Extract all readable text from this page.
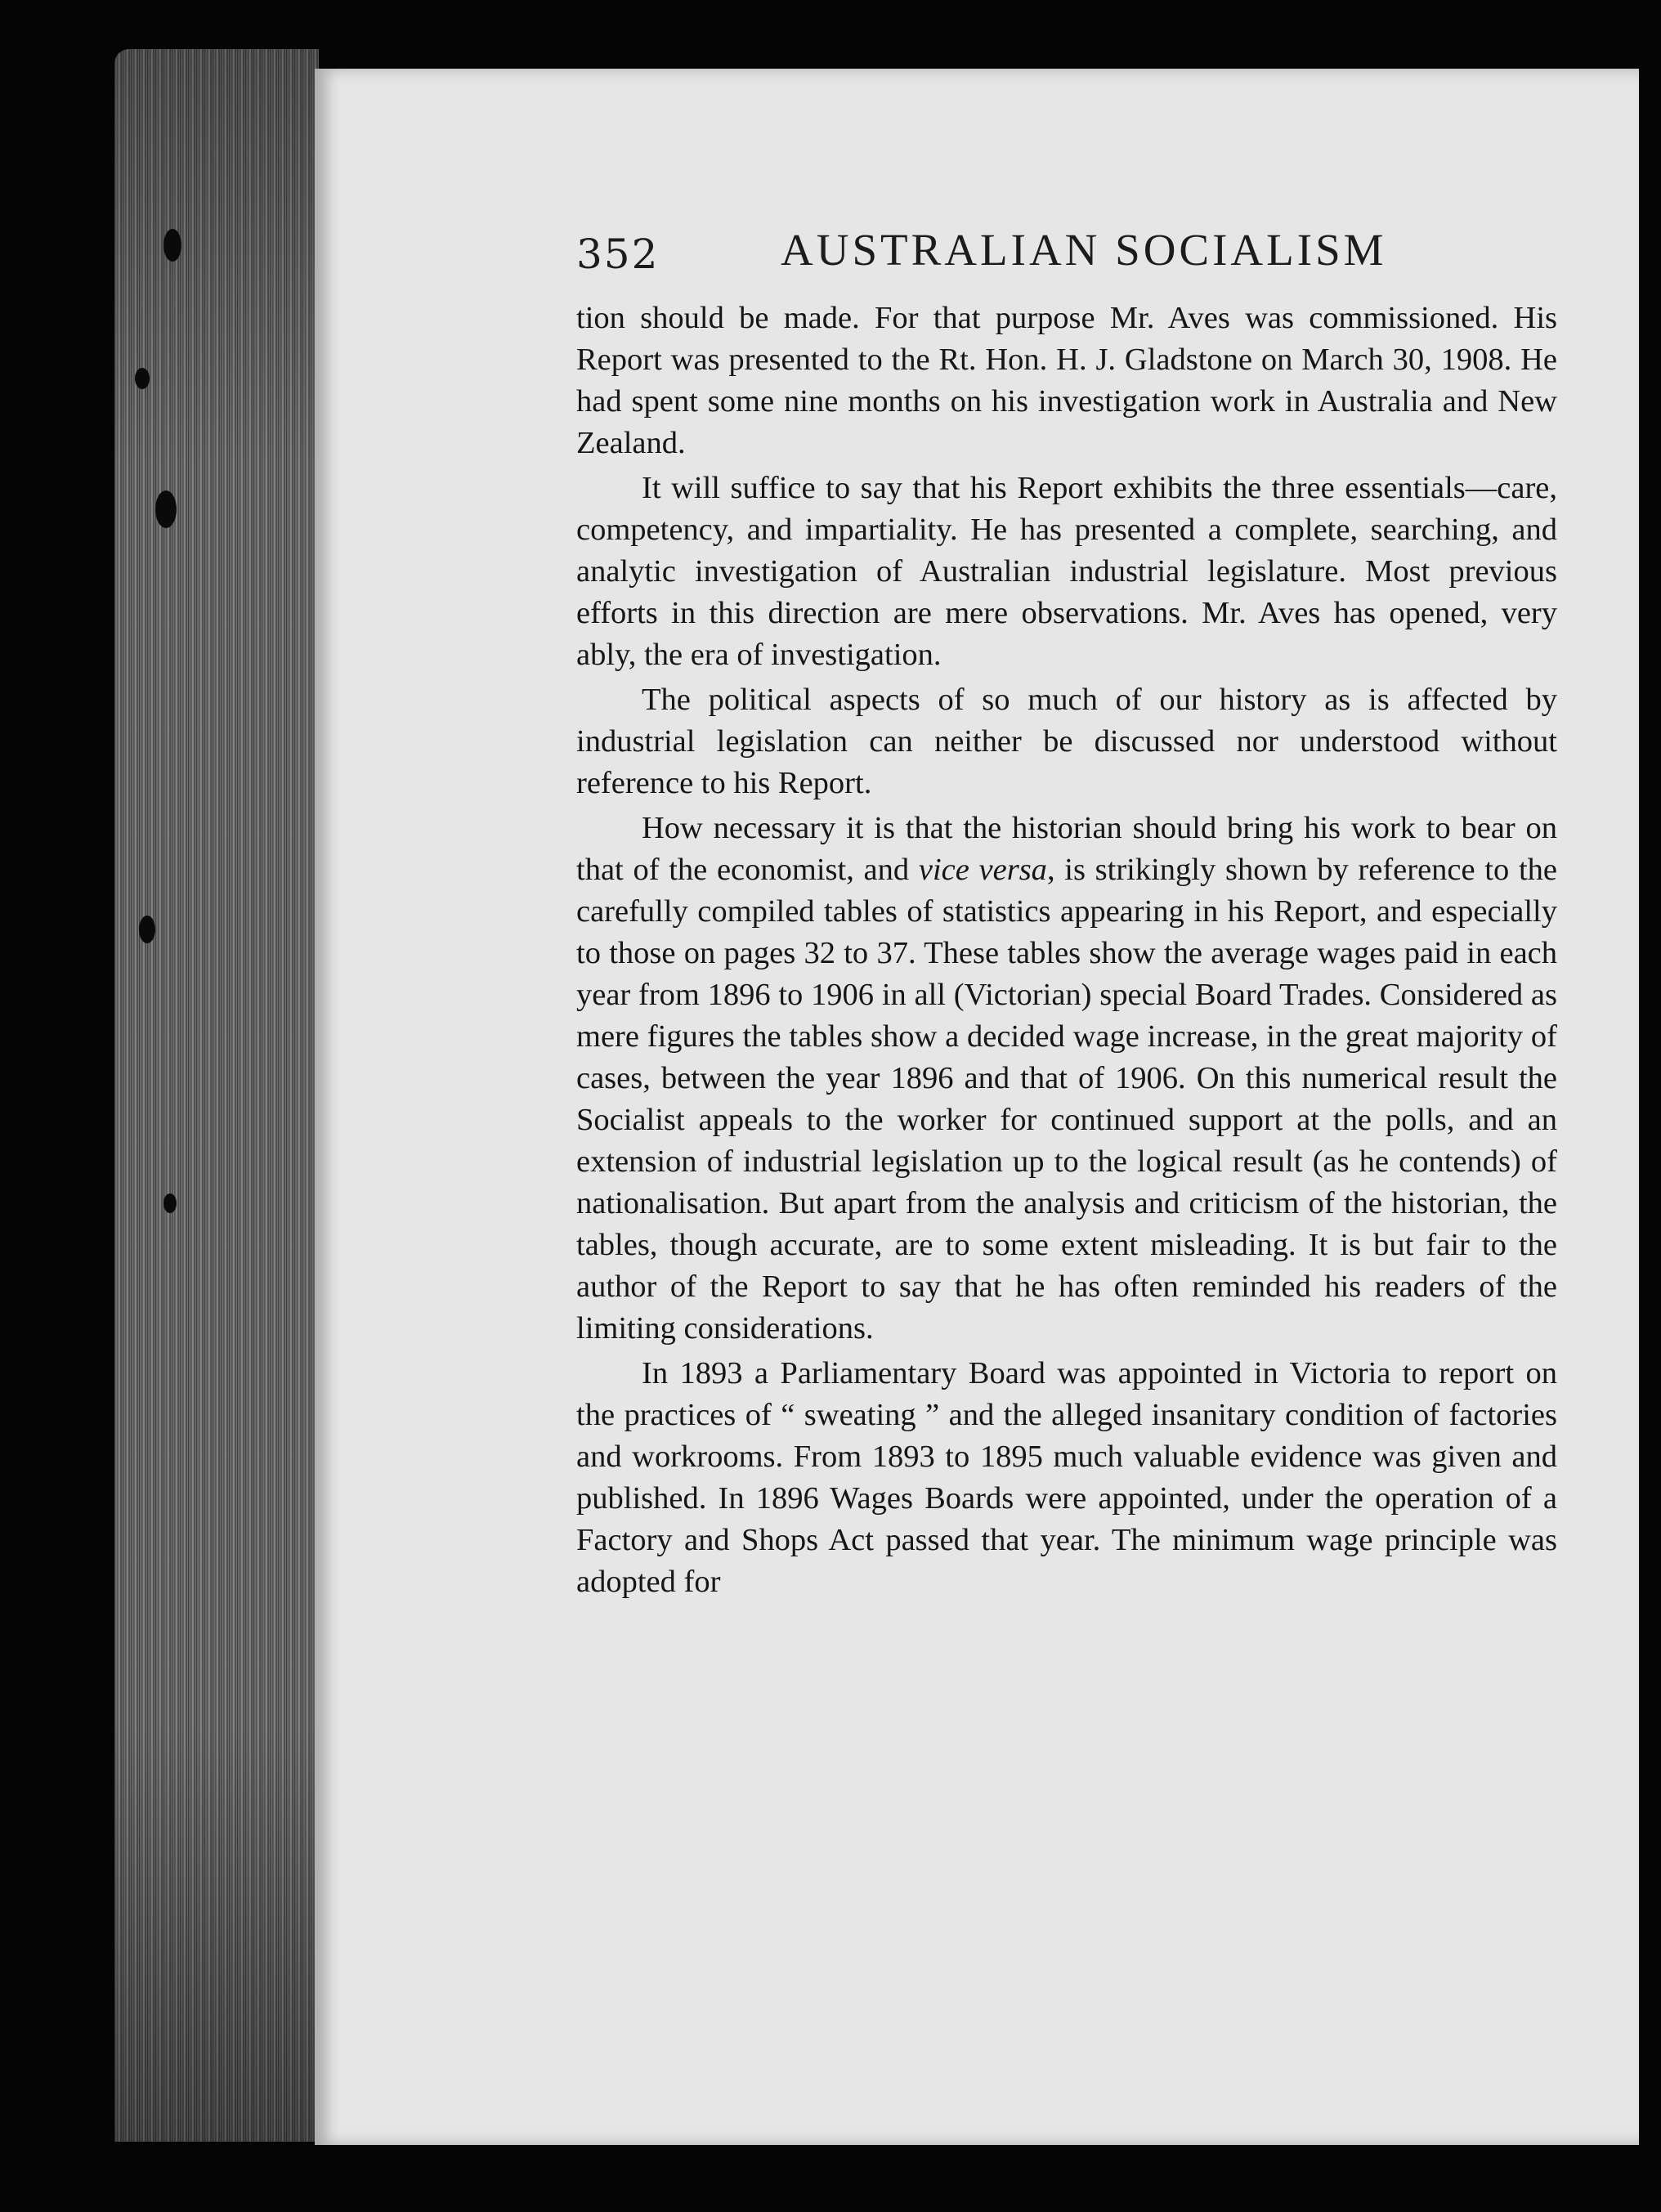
352	AUSTRALIAN SOCIALISM

tion should be made. For that purpose Mr. Aves was commissioned. His Report was presented to the Rt. Hon. H. J. Gladstone on March 30, 1908. He had spent some nine months on his investigation work in Australia and New Zealand.

It will suffice to say that his Report exhibits the three essentials—care, competency, and impartiality. He has presented a complete, searching, and analytic investigation of Australian industrial legislature. Most previous efforts in this direction are mere observations. Mr. Aves has opened, very ably, the era of investigation.

The political aspects of so much of our history as is affected by industrial legislation can neither be discussed nor understood without reference to his Report.

How necessary it is that the historian should bring his work to bear on that of the economist, and vice versa, is strikingly shown by reference to the carefully compiled tables of statistics appearing in his Report, and especially to those on pages 32 to 37. These tables show the average wages paid in each year from 1896 to 1906 in all (Victorian) special Board Trades. Considered as mere figures the tables show a decided wage increase, in the great majority of cases, between the year 1896 and that of 1906. On this numerical result the Socialist appeals to the worker for continued support at the polls, and an extension of industrial legislation up to the logical result (as he contends) of nationalisation. But apart from the analysis and criticism of the historian, the tables, though accurate, are to some extent misleading. It is but fair to the author of the Report to say that he has often reminded his readers of the limiting considerations.

In 1893 a Parliamentary Board was appointed in Victoria to report on the practices of “ sweating ” and the alleged insanitary condition of factories and workrooms. From 1893 to 1895 much valuable evidence was given and published. In 1896 Wages Boards were appointed, under the operation of a Factory and Shops Act passed that year. The minimum wage principle was adopted for
